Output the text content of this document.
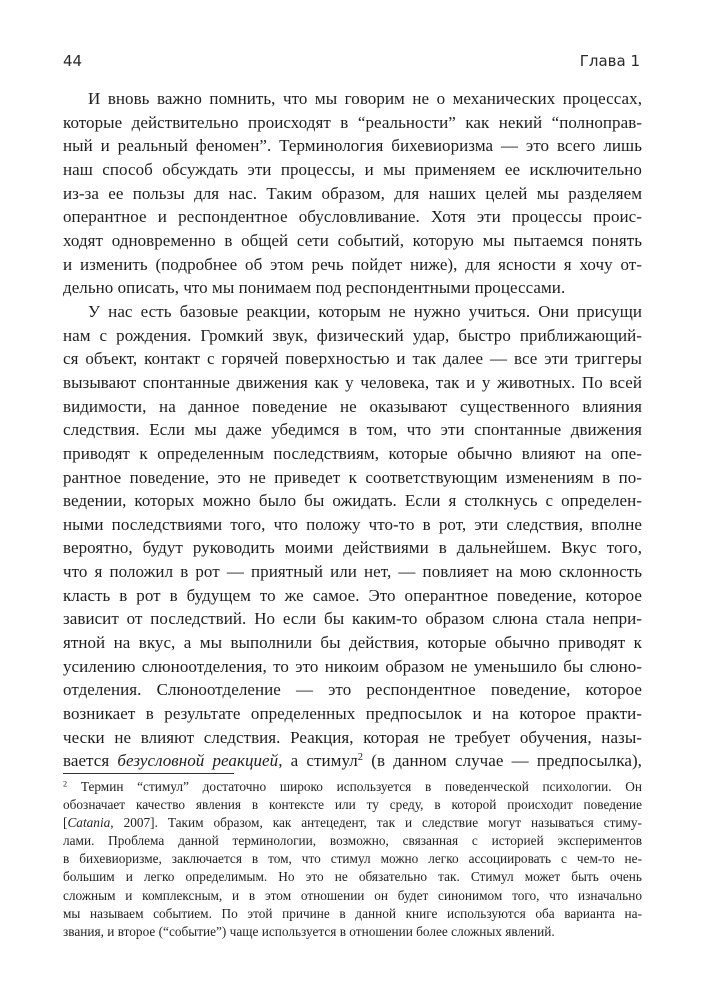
44	Глава 1
И вновь важно помнить, что мы говорим не о механических процессах,
которые действительно происходят в “реальности” как некий “полноправ-
ный и реальный феномен”. Терминология бихевиоризма — это всего лишь
наш способ обсуждать эти процессы, и мы применяем ее исключительно
из-за ее пользы для нас. Таким образом, для наших целей мы разделяем
оперантное и респондентное обусловливание. Хотя эти процессы проис-
ходят одновременно в общей сети событий, которую мы пытаемся понять
и изменить (подробнее об этом речь пойдет ниже), для ясности я хочу от-
дельно описать, что мы понимаем под респондентными процессами.
У нас есть базовые реакции, которым не нужно учиться. Они присущи
нам с рождения. Громкий звук, физический удар, быстро приближающий-
ся объект, контакт с горячей поверхностью и так далее — все эти триггеры
вызывают спонтанные движения как у человека, так и у животных. По всей
видимости, на данное поведение не оказывают существенного влияния
следствия. Если мы даже убедимся в том, что эти спонтанные движения
приводят к определенным последствиям, которые обычно влияют на опе-
рантное поведение, это не приведет к соответствующим изменениям в по-
ведении, которых можно было бы ожидать. Если я столкнусь с определен-
ными последствиями того, что положу что-то в рот, эти следствия, вполне
вероятно, будут руководить моими действиями в дальнейшем. Вкус того,
что я положил в рот — приятный или нет, — повлияет на мою склонность
класть в рот в будущем то же самое. Это оперантное поведение, которое
зависит от последствий. Но если бы каким-то образом слюна стала непри-
ятной на вкус, а мы выполнили бы действия, которые обычно приводят к
усилению слюноотделения, то это никоим образом не уменьшило бы слюно-
отделения. Слюноотделение — это респондентное поведение, которое
возникает в результате определенных предпосылок и на которое практи-
чески не влияют следствия. Реакция, которая не требует обучения, назы-
вается безусловной реакцией, а стимул$^2$ (в данном случае — предпосылка),
$^2$ Термин “стимул” достаточно широко используется в поведенческой психологии. Он
обозначает качество явления в контексте или ту среду, в которой происходит поведение
[Catania, 2007]. Таким образом, как антецедент, так и следствие могут называться стиму-
лами. Проблема данной терминологии, возможно, связанная с историей экспериментов
в бихевиоризме, заключается в том, что стимул можно легко ассоциировать с чем-то не-
большим и легко определимым. Но это не обязательно так. Стимул может быть очень
сложным и комплексным, и в этом отношении он будет синонимом того, что изначально
мы называем событием. По этой причине в данной книге используются оба варианта на-
звания, и второе (“событие”) чаще используется в отношении более сложных явлений.
